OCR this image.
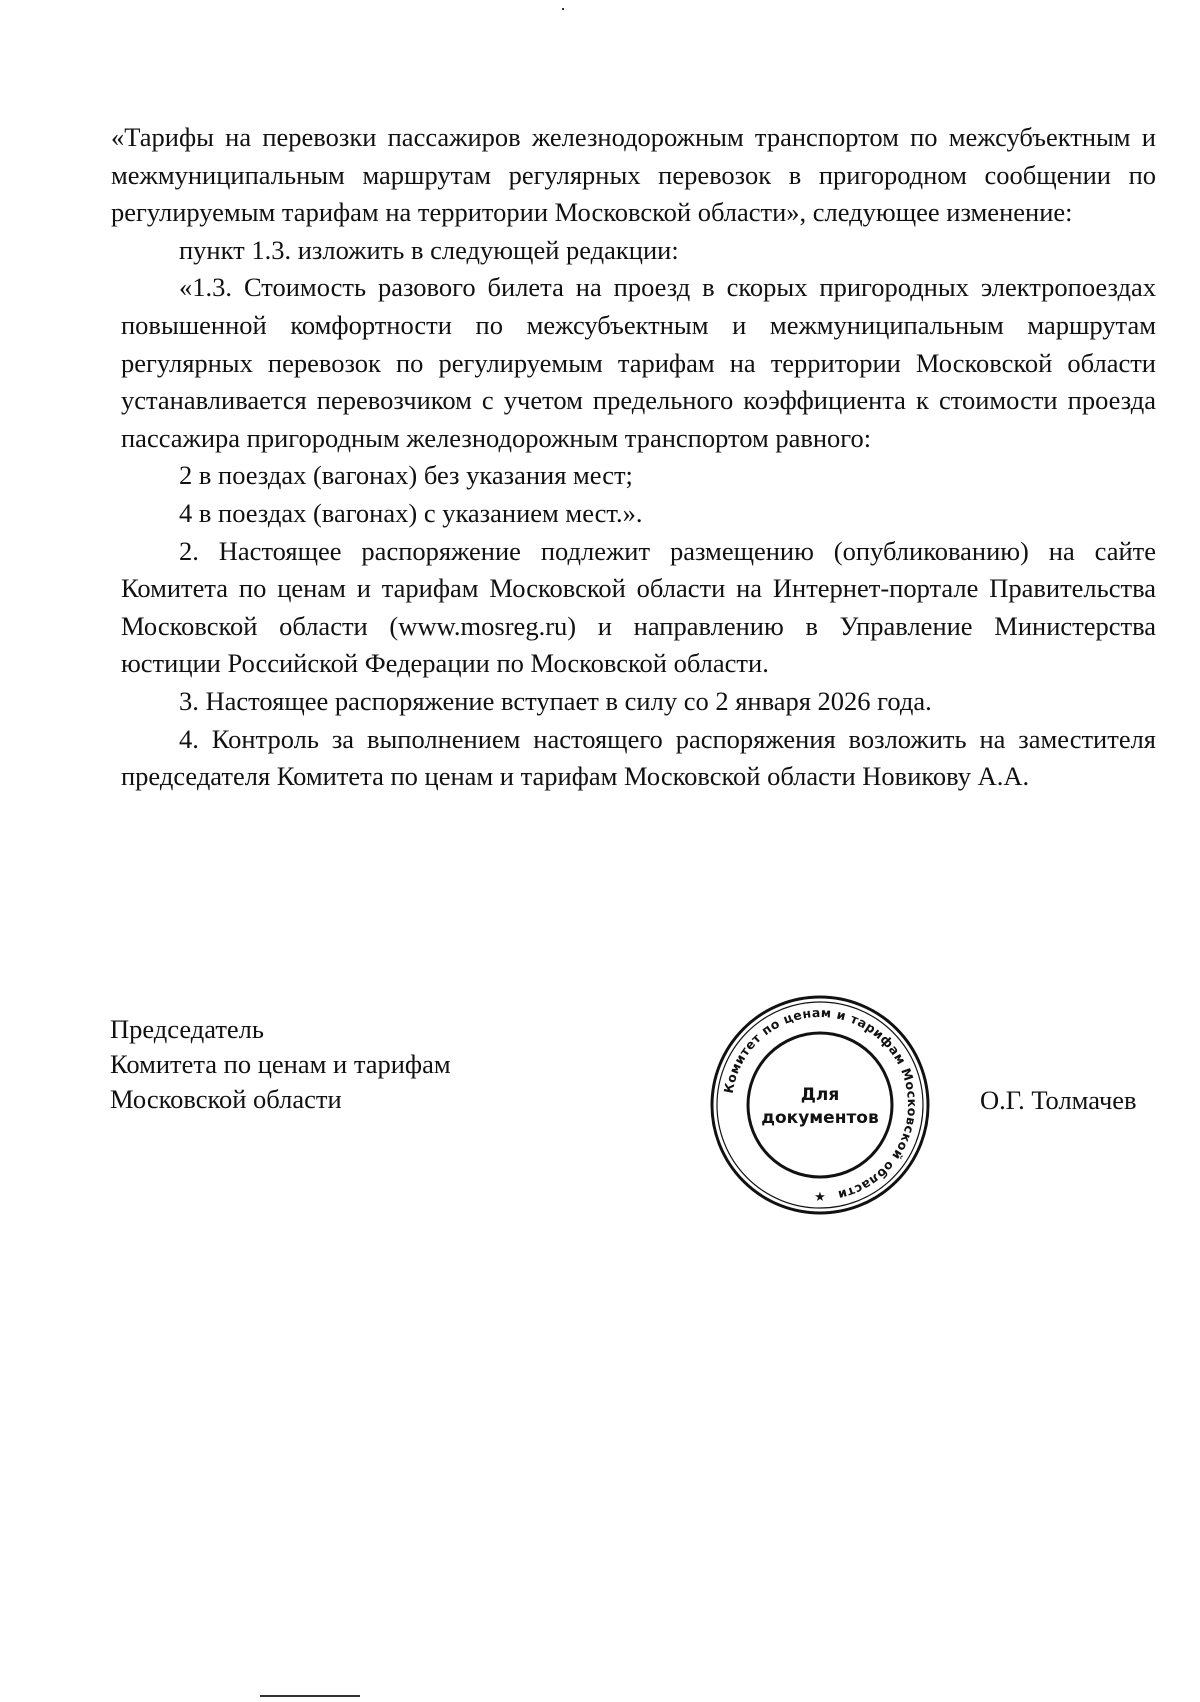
«Тарифы на перевозки пассажиров железнодорожным транспортом по межсубъектным и межмуниципальным маршрутам регулярных перевозок в пригородном сообщении по регулируемым тарифам на территории Московской области», следующее изменение:

пункт 1.3. изложить в следующей редакции:

«1.3. Стоимость разового билета на проезд в скорых пригородных электропоездах повышенной комфортности по межсубъектным и межмуниципальным маршрутам регулярных перевозок по регулируемым тарифам на территории Московской области устанавливается перевозчиком с учетом предельного коэффициента к стоимости проезда пассажира пригородным железнодорожным транспортом равного:

2 в поездах (вагонах) без указания мест;

4 в поездах (вагонах) с указанием мест.».

2. Настоящее распоряжение подлежит размещению (опубликованию) на сайте Комитета по ценам и тарифам Московской области на Интернет-портале Правительства Московской области (www.mosreg.ru) и направлению в Управление Министерства юстиции Российской Федерации по Московской области.

3. Настоящее распоряжение вступает в силу со 2 января 2026 года.

4. Контроль за выполнением настоящего распоряжения возложить на заместителя председателя Комитета по ценам и тарифам Московской области Новикову А.А.

Председатель
Комитета по ценам и тарифам
Московской области	Комитет по ценам и тарифам Московской области
Для
документов
★
О.Г. Толмачев
